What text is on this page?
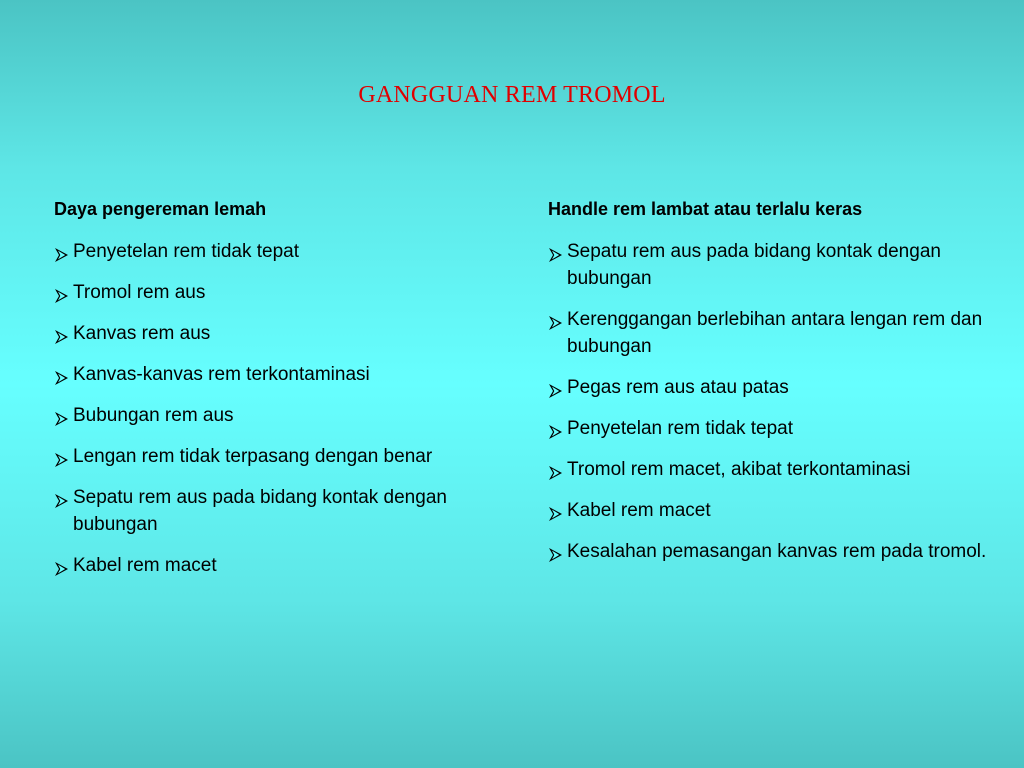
GANGGUAN REM TROMOL
Daya pengereman lemah
Penyetelan rem tidak tepat
Tromol rem aus
Kanvas rem aus
Kanvas-kanvas rem terkontaminasi
Bubungan rem aus
Lengan rem tidak terpasang dengan benar
Sepatu rem aus pada bidang kontak dengan bubungan
Kabel rem macet
Handle rem lambat atau terlalu keras
Sepatu rem aus pada bidang kontak dengan bubungan
Kerenggangan berlebihan antara lengan rem dan bubungan
Pegas rem aus atau patas
Penyetelan rem tidak tepat
Tromol rem macet, akibat terkontaminasi
Kabel rem macet
Kesalahan pemasangan kanvas rem pada tromol.
